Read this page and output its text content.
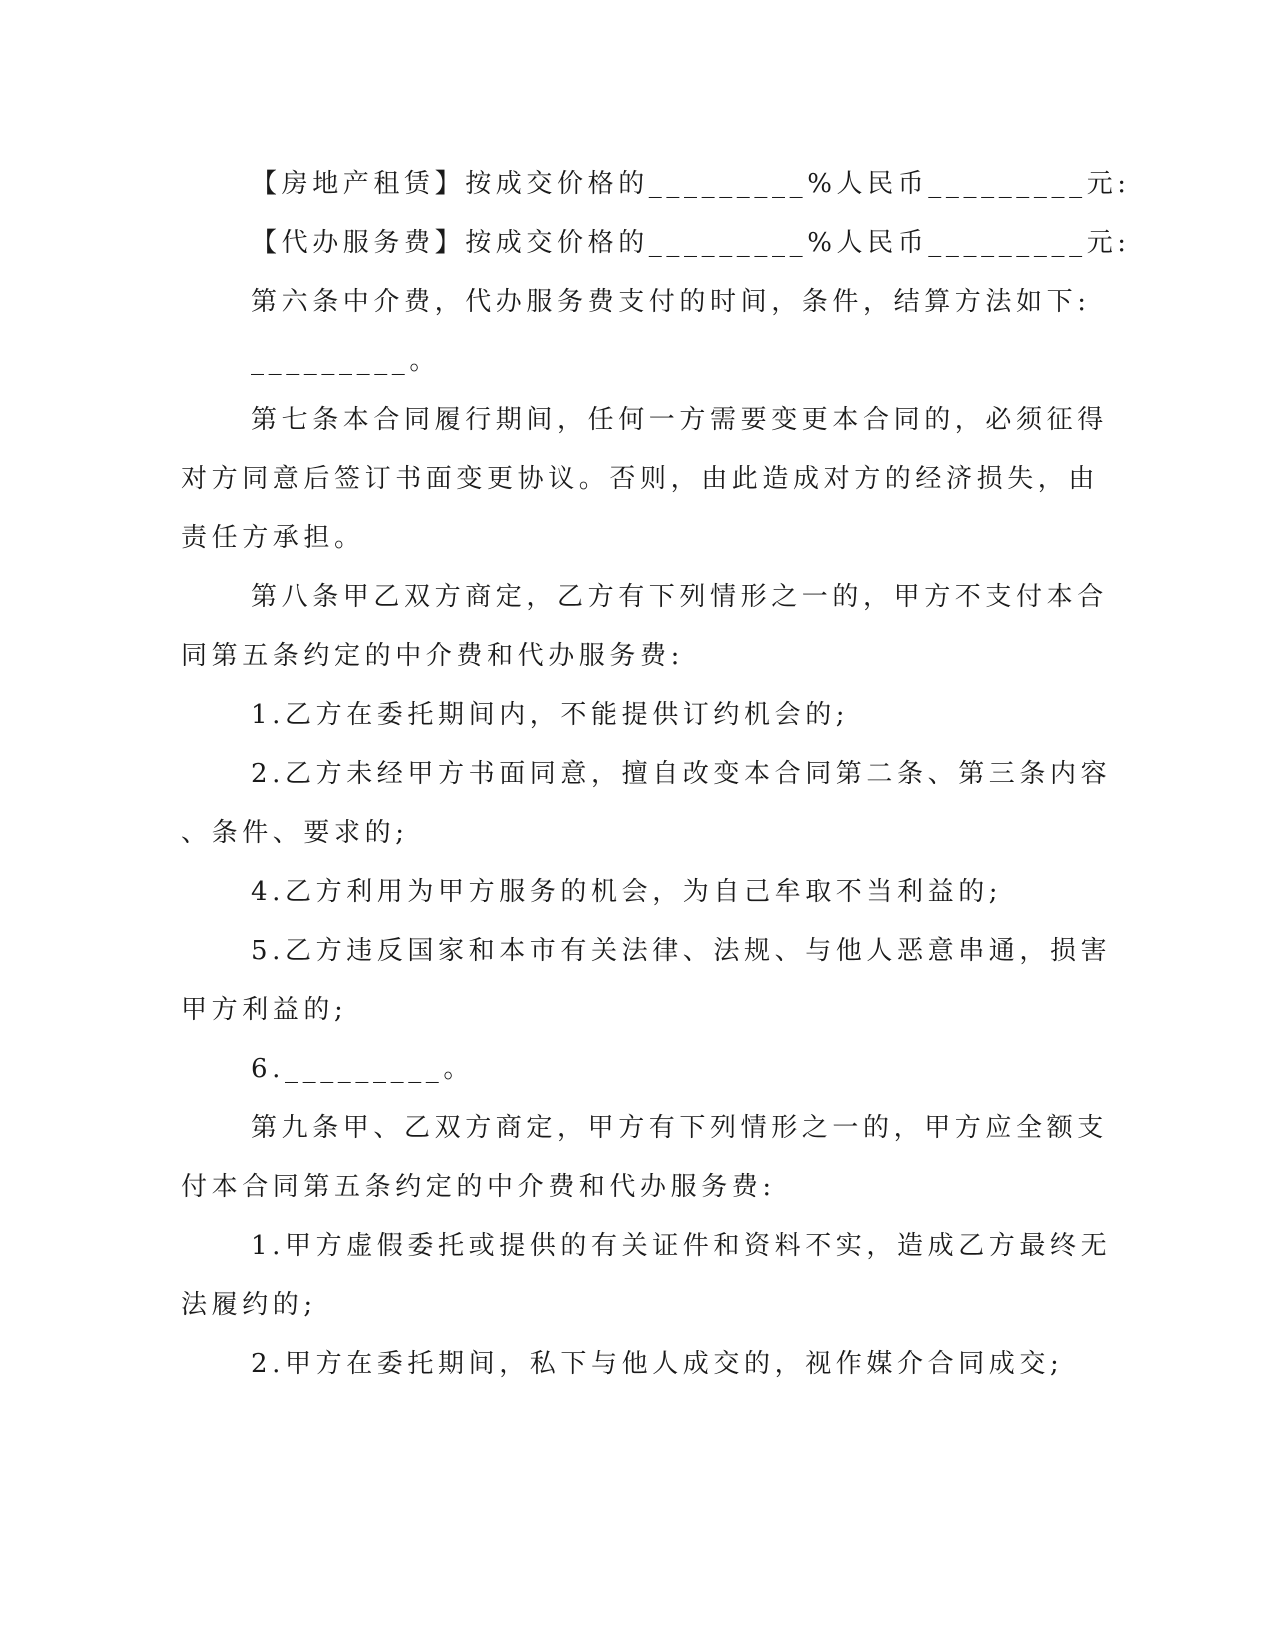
【房地产租赁】按成交价格的_________%人民币_________元:
【代办服务费】按成交价格的_________%人民币_________元:
第六条中介费，代办服务费支付的时间，条件，结算方法如下:
_________。
第七条本合同履行期间，任何一方需要变更本合同的，必须征得
对方同意后签订书面变更协议。否则，由此造成对方的经济损失，由
责任方承担。
第八条甲乙双方商定，乙方有下列情形之一的，甲方不支付本合
同第五条约定的中介费和代办服务费:
1.乙方在委托期间内，不能提供订约机会的;
2.乙方未经甲方书面同意，擅自改变本合同第二条、第三条内容
、条件、要求的;
4.乙方利用为甲方服务的机会，为自己牟取不当利益的;
5.乙方违反国家和本市有关法律、法规、与他人恶意串通，损害
甲方利益的;
6._________。
第九条甲、乙双方商定，甲方有下列情形之一的，甲方应全额支
付本合同第五条约定的中介费和代办服务费:
1.甲方虚假委托或提供的有关证件和资料不实，造成乙方最终无
法履约的;
2.甲方在委托期间，私下与他人成交的，视作媒介合同成交;
